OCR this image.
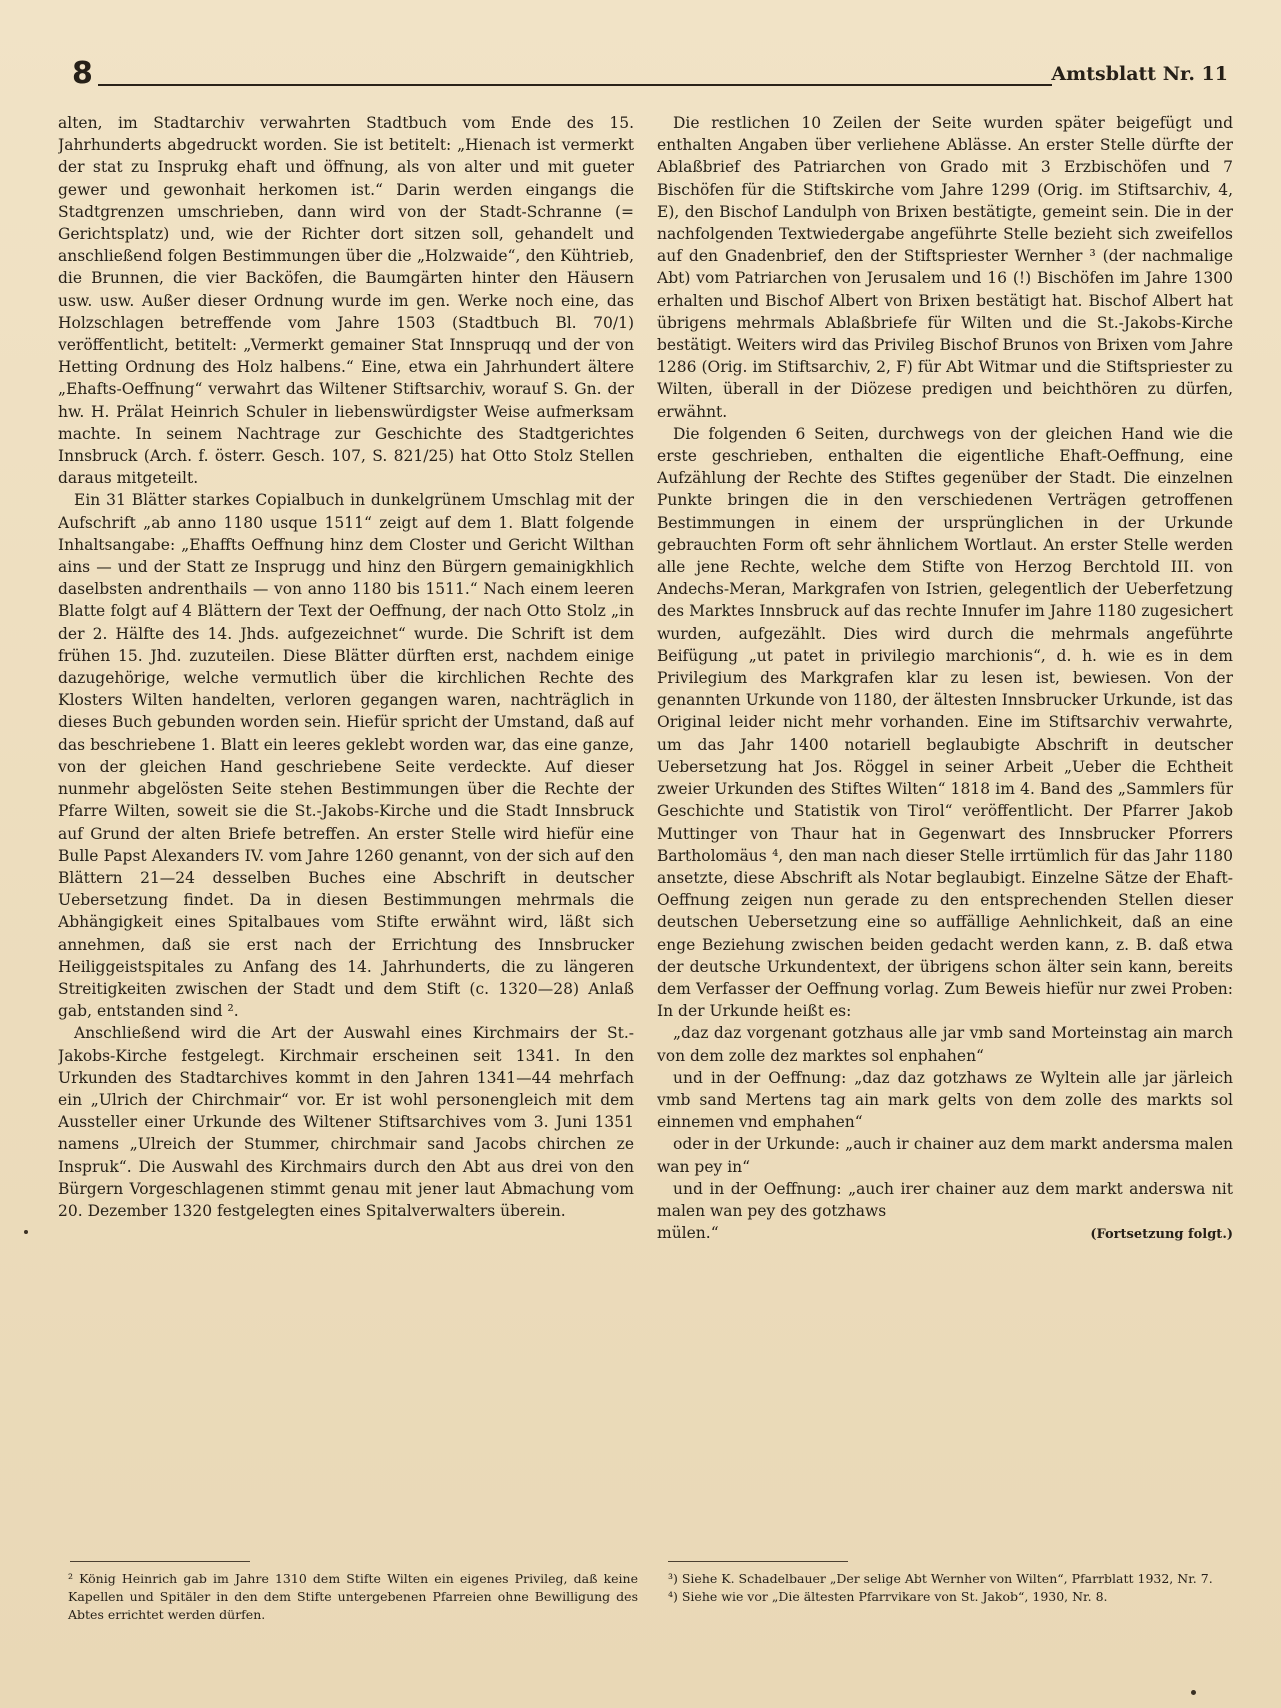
8	Amtsblatt Nr. 11

alten, im Stadtarchiv verwahrten Stadtbuch vom Ende des 15. Jahrhunderts abgedruckt worden. Sie ist betitelt: „Hienach ist vermerkt der stat zu Insprukg ehaft und öffnung, als von alter und mit gueter gewer und gewonhait herkomen ist.“ Darin werden eingangs die Stadtgrenzen umschrieben, dann wird von der Stadt-Schranne (= Gerichtsplatz) und, wie der Richter dort sitzen soll, gehandelt und anschließend folgen Bestimmungen über die „Holzwaide“, den Kühtrieb, die Brunnen, die vier Backöfen, die Baumgärten hinter den Häusern usw. usw. Außer dieser Ordnung wurde im gen. Werke noch eine, das Holzschlagen betreffende vom Jahre 1503 (Stadtbuch Bl. 70/1) veröffentlicht, betitelt: „Vermerkt gemainer Stat Innspruqq und der von Hetting Ordnung des Holz halbens.“ Eine, etwa ein Jahrhundert ältere „Ehafts-Oeffnung“ verwahrt das Wiltener Stiftsarchiv, worauf S. Gn. der hw. H. Prälat Heinrich Schuler in liebenswürdigster Weise aufmerksam machte. In seinem Nachtrage zur Geschichte des Stadtgerichtes Innsbruck (Arch. f. österr. Gesch. 107, S. 821/25) hat Otto Stolz Stellen daraus mitgeteilt.

Ein 31 Blätter starkes Copialbuch in dunkelgrünem Umschlag mit der Aufschrift „ab anno 1180 usque 1511“ zeigt auf dem 1. Blatt folgende Inhaltsangabe: „Ehaffts Oeffnung hinz dem Closter und Gericht Wilthan ains — und der Statt ze Insprugg und hinz den Bürgern gemainigkhlich daselbsten andrenthails — von anno 1180 bis 1511.“ Nach einem leeren Blatte folgt auf 4 Blättern der Text der Oeffnung, der nach Otto Stolz „in der 2. Hälfte des 14. Jhds. aufgezeichnet“ wurde. Die Schrift ist dem frühen 15. Jhd. zuzuteilen. Diese Blätter dürften erst, nachdem einige dazugehörige, welche vermutlich über die kirchlichen Rechte des Klosters Wilten handelten, verloren gegangen waren, nachträglich in dieses Buch gebunden worden sein. Hiefür spricht der Umstand, daß auf das beschriebene 1. Blatt ein leeres geklebt worden war, das eine ganze, von der gleichen Hand geschriebene Seite verdeckte. Auf dieser nunmehr abgelösten Seite stehen Bestimmungen über die Rechte der Pfarre Wilten, soweit sie die St.-Jakobs-Kirche und die Stadt Innsbruck auf Grund der alten Briefe betreffen. An erster Stelle wird hiefür eine Bulle Papst Alexanders IV. vom Jahre 1260 genannt, von der sich auf den Blättern 21—24 desselben Buches eine Abschrift in deutscher Uebersetzung findet. Da in diesen Bestimmungen mehrmals die Abhängigkeit eines Spitalbaues vom Stifte erwähnt wird, läßt sich annehmen, daß sie erst nach der Errichtung des Innsbrucker Heiliggeistspitales zu Anfang des 14. Jahrhunderts, die zu längeren Streitigkeiten zwischen der Stadt und dem Stift (c. 1320—28) Anlaß gab, entstanden sind ².

Anschließend wird die Art der Auswahl eines Kirchmairs der St.-Jakobs-Kirche festgelegt. Kirchmair erscheinen seit 1341. In den Urkunden des Stadtarchives kommt in den Jahren 1341—44 mehrfach ein „Ulrich der Chirchmair“ vor. Er ist wohl personengleich mit dem Aussteller einer Urkunde des Wiltener Stiftsarchives vom 3. Juni 1351 namens „Ulreich der Stummer, chirchmair sand Jacobs chirchen ze Inspruk“. Die Auswahl des Kirchmairs durch den Abt aus drei von den Bürgern Vorgeschlagenen stimmt genau mit jener laut Abmachung vom 20. Dezember 1320 festgelegten eines Spitalverwalters überein.

Die restlichen 10 Zeilen der Seite wurden später beigefügt und enthalten Angaben über verliehene Ablässe. An erster Stelle dürfte der Ablaßbrief des Patriarchen von Grado mit 3 Erzbischöfen und 7 Bischöfen für die Stiftskirche vom Jahre 1299 (Orig. im Stiftsarchiv, 4, E), den Bischof Landulph von Brixen bestätigte, gemeint sein. Die in der nachfolgenden Textwiedergabe angeführte Stelle bezieht sich zweifellos auf den Gnadenbrief, den der Stiftspriester Wernher ³ (der nachmalige Abt) vom Patriarchen von Jerusalem und 16 (!) Bischöfen im Jahre 1300 erhalten und Bischof Albert von Brixen bestätigt hat. Bischof Albert hat übrigens mehrmals Ablaßbriefe für Wilten und die St.-Jakobs-Kirche bestätigt. Weiters wird das Privileg Bischof Brunos von Brixen vom Jahre 1286 (Orig. im Stiftsarchiv, 2, F) für Abt Witmar und die Stiftspriester zu Wilten, überall in der Diözese predigen und beichthören zu dürfen, erwähnt.

Die folgenden 6 Seiten, durchwegs von der gleichen Hand wie die erste geschrieben, enthalten die eigentliche Ehaft-Oeffnung, eine Aufzählung der Rechte des Stiftes gegenüber der Stadt. Die einzelnen Punkte bringen die in den verschiedenen Verträgen getroffenen Bestimmungen in einem der ursprünglichen in der Urkunde gebrauchten Form oft sehr ähnlichem Wortlaut. An erster Stelle werden alle jene Rechte, welche dem Stifte von Herzog Berchtold III. von Andechs-Meran, Markgrafen von Istrien, gelegentlich der Ueberfetzung des Marktes Innsbruck auf das rechte Innufer im Jahre 1180 zugesichert wurden, aufgezählt. Dies wird durch die mehrmals angeführte Beifügung „ut patet in privilegio marchionis“, d. h. wie es in dem Privilegium des Markgrafen klar zu lesen ist, bewiesen. Von der genannten Urkunde von 1180, der ältesten Innsbrucker Urkunde, ist das Original leider nicht mehr vorhanden. Eine im Stiftsarchiv verwahrte, um das Jahr 1400 notariell beglaubigte Abschrift in deutscher Uebersetzung hat Jos. Röggel in seiner Arbeit „Ueber die Echtheit zweier Urkunden des Stiftes Wilten“ 1818 im 4. Band des „Sammlers für Geschichte und Statistik von Tirol“ veröffentlicht. Der Pfarrer Jakob Muttinger von Thaur hat in Gegenwart des Innsbrucker Pforrers Bartholomäus ⁴, den man nach dieser Stelle irrtümlich für das Jahr 1180 ansetzte, diese Abschrift als Notar beglaubigt. Einzelne Sätze der Ehaft-Oeffnung zeigen nun gerade zu den entsprechenden Stellen dieser deutschen Uebersetzung eine so auffällige Aehnlichkeit, daß an eine enge Beziehung zwischen beiden gedacht werden kann, z. B. daß etwa der deutsche Urkundentext, der übrigens schon älter sein kann, bereits dem Verfasser der Oeffnung vorlag. Zum Beweis hiefür nur zwei Proben: In der Urkunde heißt es:

„daz daz vorgenant gotzhaus alle jar vmb sand Morteinstag ain march von dem zolle dez marktes sol enphahen“

und in der Oeffnung: „daz daz gotzhaws ze Wyltein alle jar järleich vmb sand Mertens tag ain mark gelts von dem zolle des markts sol einnemen vnd emphahen“

oder in der Urkunde: „auch ir chainer auz dem markt andersma malen wan pey in“

und in der Oeffnung: „auch irer chainer auz dem markt anderswa nit malen wan pey des gotzhaws

mülen.“	(Fortsetzung folgt.)

² König Heinrich gab im Jahre 1310 dem Stifte Wilten ein eigenes Privileg, daß keine Kapellen und Spitäler in den dem Stifte untergebenen Pfarreien ohne Bewilligung des Abtes errichtet werden dürfen.

³) Siehe K. Schadelbauer „Der selige Abt Wernher von Wilten“, Pfarrblatt 1932, Nr. 7.

⁴) Siehe wie vor „Die ältesten Pfarrvikare von St. Jakob“, 1930, Nr. 8.
